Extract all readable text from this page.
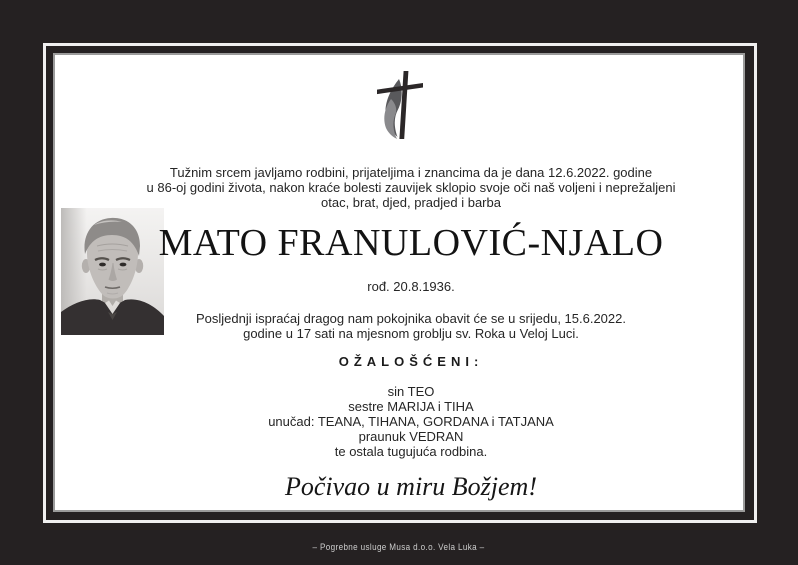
Tužnim srcem javljamo rodbini, prijateljima i znancima da je dana 12.6.2022. godine
u 86-oj godini života, nakon kraće bolesti zauvijek sklopio svoje oči naš voljeni i neprežaljeni
otac, brat, djed, pradjed i barba
MATO FRANULOVIĆ-NJALO
rođ. 20.8.1936.
Posljednji ispraćaj dragog nam pokojnika obavit će se u srijedu, 15.6.2022.
godine u 17 sati na mjesnom groblju sv. Roka u Veloj Luci.
OŽALOŠĆENI:
sin TEO
sestre MARIJA i TIHA
unučad: TEANA, TIHANA, GORDANA i TATJANA
praunuk VEDRAN
te ostala tugujuća rodbina.
Počivao u miru Božjem!
– Pogrebne usluge Musa d.o.o. Vela Luka –
